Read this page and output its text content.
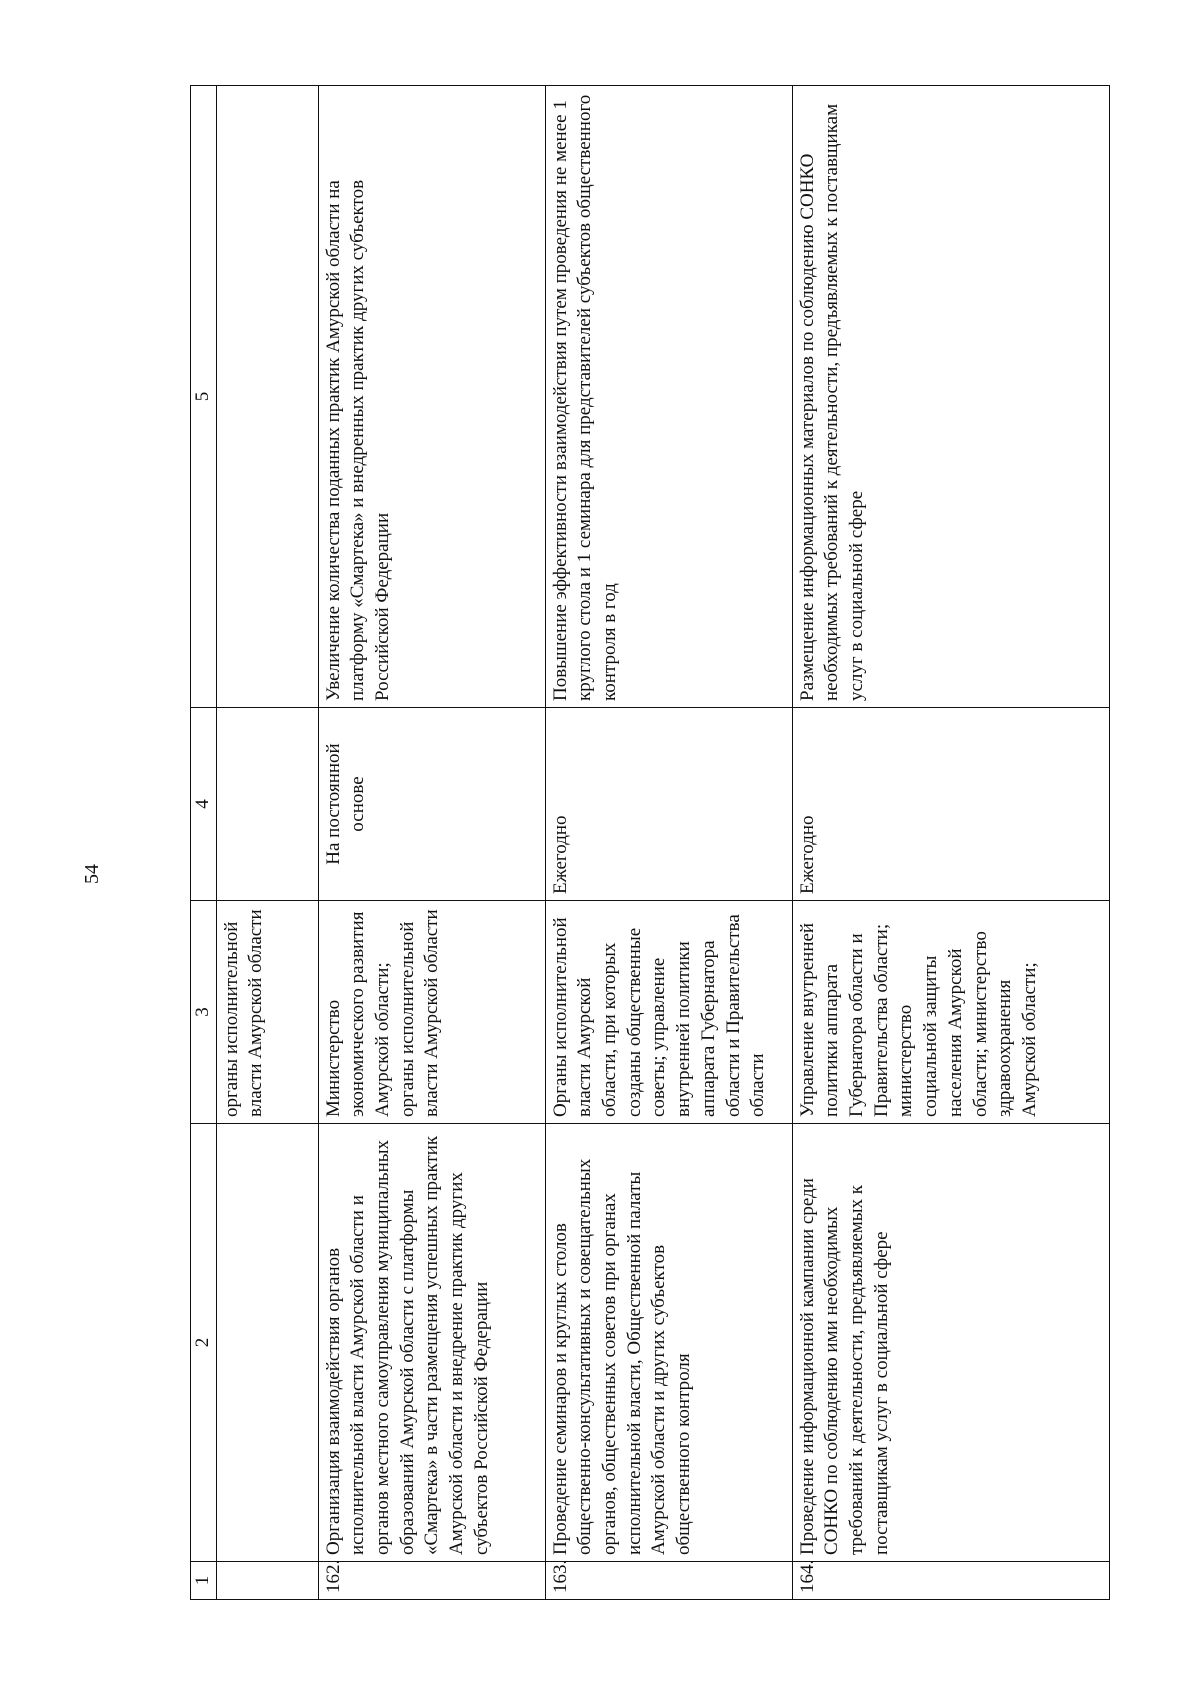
54
1	2	3	4	5
		органы исполнительной власти Амурской области		
162.	Организация взаимодействия органов исполнительной власти Амурской области и органов местного самоуправления муниципальных образований Амурской области с платформы «Смартека» в части размещения успешных практик Амурской области и внедрение практик других субъектов Российской Федерации	Министерство экономического развития Амурской области; органы исполнительной власти Амурской области	На постоянной основе	Увеличение количества поданных практик Амурской области на платформу «Смартека» и внедренных практик других субъектов Российской Федерации
163.	Проведение семинаров и круглых столов общественно-консультативных и совещательных органов, общественных советов при органах исполнительной власти, Общественной палаты Амурской области и других субъектов общественного контроля	Органы исполнительной власти Амурской области, при которых созданы общественные советы; управление внутренней политики аппарата Губернатора области и Правительства области	Ежегодно	Повышение эффективности взаимодействия путем проведения не менее 1 круглого стола и 1 семинара для представителей субъектов общественного контроля в год
164.	Проведение информационной кампании среди СОНКО по соблюдению ими необходимых требований к деятельности, предъявляемых к поставщикам услуг в социальной сфере	Управление внутренней политики аппарата Губернатора области и Правительства области; министерство социальной защиты населения Амурской области; министерство здравоохранения Амурской области;	Ежегодно	Размещение информационных материалов по соблюдению СОНКО необходимых требований к деятельности, предъявляемых к поставщикам услуг в социальной сфере
